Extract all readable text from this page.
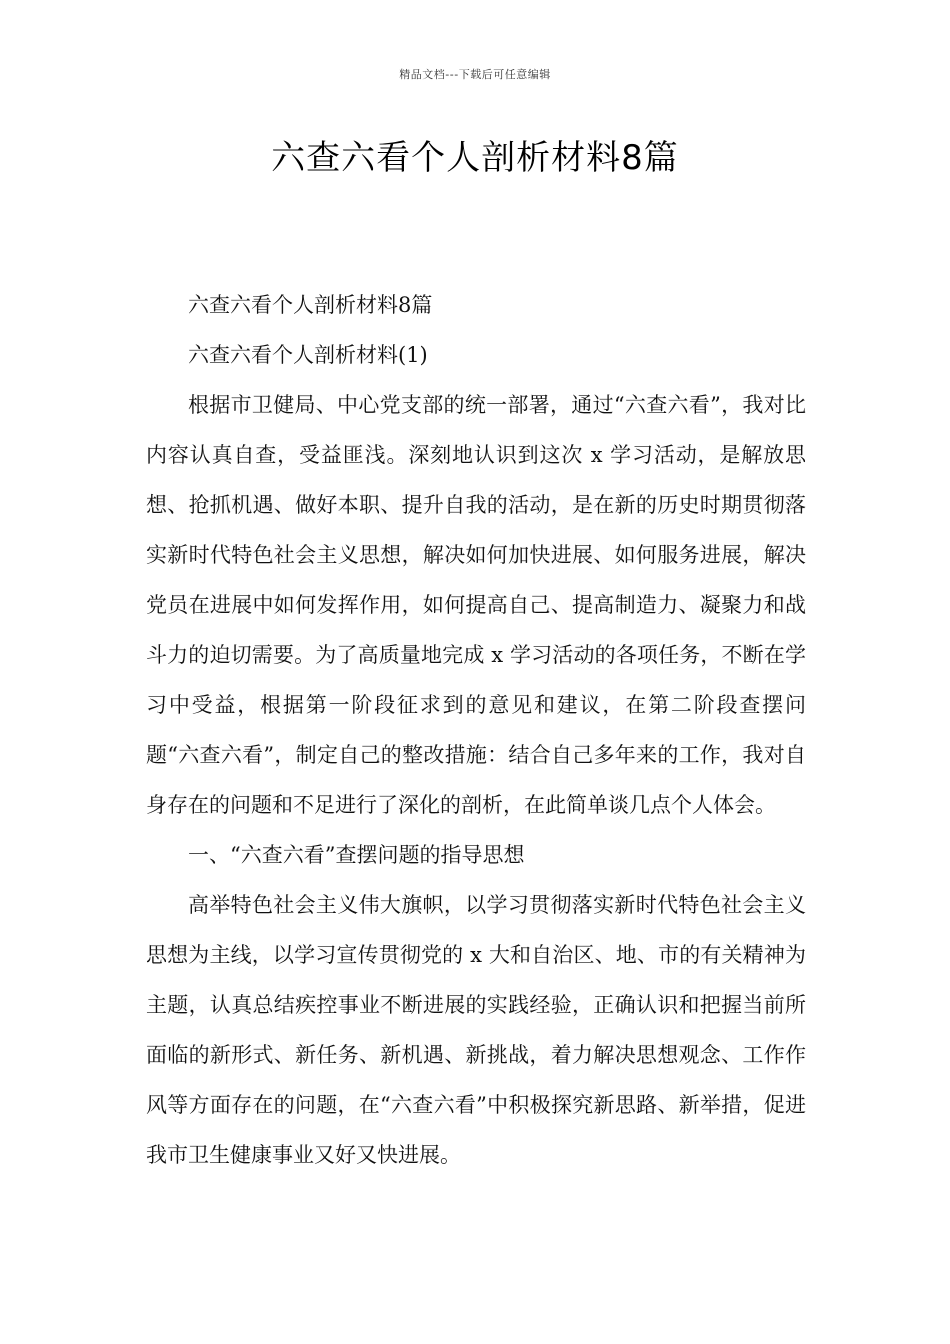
精品文档---下载后可任意编辑
六查六看个人剖析材料8篇

六查六看个人剖析材料8篇

六查六看个人剖析材料(1)

根据市卫健局、中心党支部的统一部署，通过“六查六看”，我对比内容认真自查，受益匪浅。深刻地认识到这次 x 学习活动，是解放思想、抢抓机遇、做好本职、提升自我的活动，是在新的历史时期贯彻落实新时代特色社会主义思想，解决如何加快进展、如何服务进展，解决党员在进展中如何发挥作用，如何提高自己、提高制造力、凝聚力和战斗力的迫切需要。为了高质量地完成 x 学习活动的各项任务，不断在学习中受益，根据第一阶段征求到的意见和建议，在第二阶段查摆问题“六查六看”，制定自己的整改措施：结合自己多年来的工作，我对自身存在的问题和不足进行了深化的剖析，在此简单谈几点个人体会。

一、“六查六看”查摆问题的指导思想

高举特色社会主义伟大旗帜，以学习贯彻落实新时代特色社会主义思想为主线，以学习宣传贯彻党的 x 大和自治区、地、市的有关精神为主题，认真总结疾控事业不断进展的实践经验，正确认识和把握当前所面临的新形式、新任务、新机遇、新挑战，着力解决思想观念、工作作风等方面存在的问题，在“六查六看”中积极探究新思路、新举措，促进我市卫生健康事业又好又快进展。
